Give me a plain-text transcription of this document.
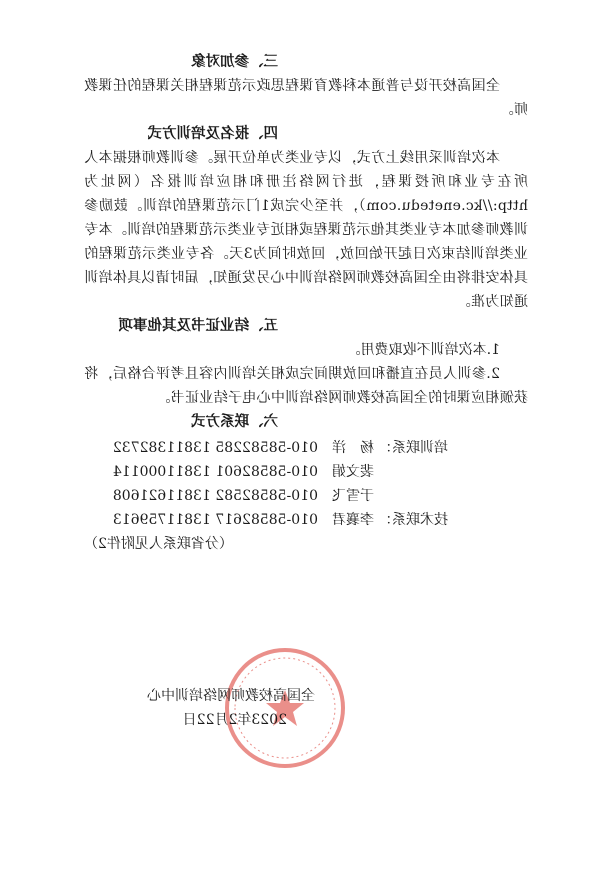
三、参加对象
全国高校开设与普通本科教育课程思政示范课程相关课程的任课教师。
四、报名及培训方式
本次培训采用线上方式，以专业类为单位开展。参训教师根据本人所在专业和所授课程，进行网络注册和相应培训报名（网址为 http://kc.enetedu.com），并至少完成1门示范课程的培训。鼓励参训教师参加本专业类其他示范课程或相近专业类示范课程的培训。本专业类培训结束次日起开始回放，回放时间为3天。各专业类示范课程的具体安排将由全国高校教师网络培训中心另发通知，届时请以具体培训通知为准。
五、结业证书及其他事项
1.本次培训不收取费用。
2.参训人员在直播和回放期间完成相关培训内容且考评合格后，将获颁相应课时的全国高校教师网络培训中心电子结业证书。
六、联系方式
培训联系：
杨　洋
010-58582285 13811382732
裴文娟
010-58582601 13811000114
于雪飞
010-58582582 13811621608
技术联系：
李襄君
010-58582617 13811759613
（分省联系人见附件2）
全国高校教师网络培训中心
2023年2月22日
